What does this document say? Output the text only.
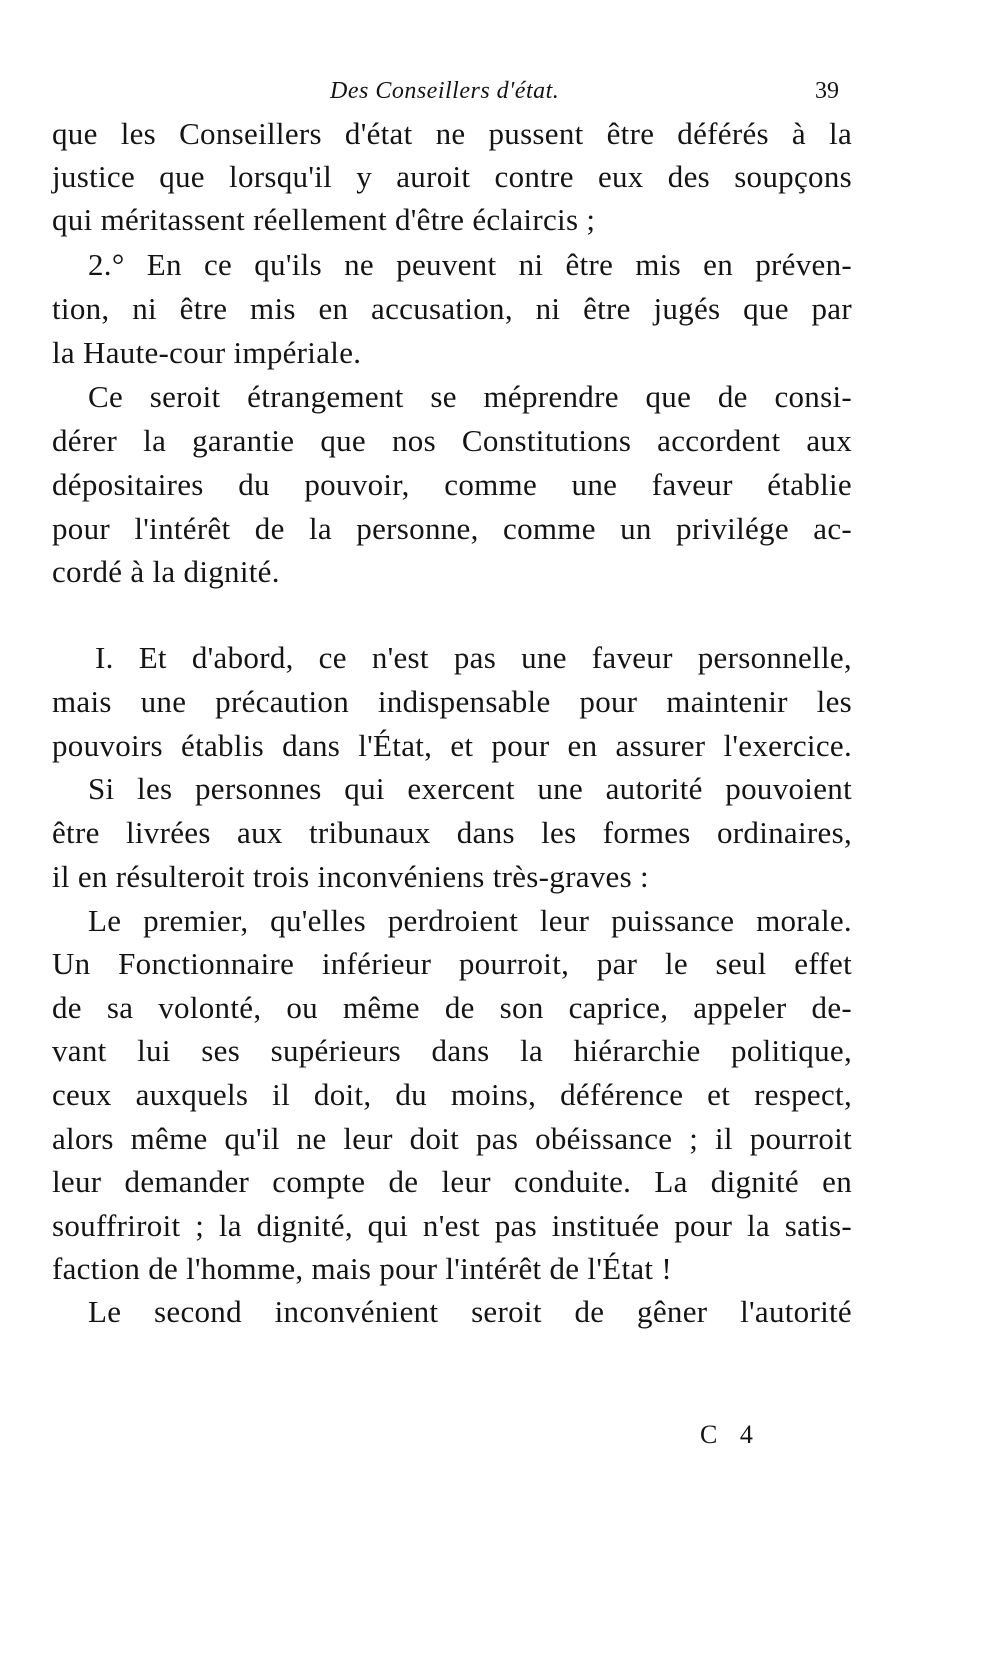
Des Conseillers d'état.	39
que les Conseillers d'état ne pussent être déférés à la
justice que lorsqu'il y auroit contre eux des soupçons
qui méritassent réellement d'être éclaircis ;
2.° En ce qu'ils ne peuvent ni être mis en préven-
tion, ni être mis en accusation, ni être jugés que par
la Haute-cour impériale.
Ce seroit étrangement se méprendre que de consi-
dérer la garantie que nos Constitutions accordent aux
dépositaires du pouvoir, comme une faveur établie
pour l'intérêt de la personne, comme un privilége ac-
cordé à la dignité.
I. Et d'abord, ce n'est pas une faveur personnelle,
mais une précaution indispensable pour maintenir les
pouvoirs établis dans l'État, et pour en assurer l'exercice.
Si les personnes qui exercent une autorité pouvoient
être livrées aux tribunaux dans les formes ordinaires,
il en résulteroit trois inconvéniens très-graves :
Le premier, qu'elles perdroient leur puissance morale.
Un Fonctionnaire inférieur pourroit, par le seul effet
de sa volonté, ou même de son caprice, appeler de-
vant lui ses supérieurs dans la hiérarchie politique,
ceux auxquels il doit, du moins, déférence et respect,
alors même qu'il ne leur doit pas obéissance ; il pourroit
leur demander compte de leur conduite. La dignité en
souffriroit ; la dignité, qui n'est pas instituée pour la satis-
faction de l'homme, mais pour l'intérêt de l'État !
Le second inconvénient seroit de gêner l'autorité
C 4
